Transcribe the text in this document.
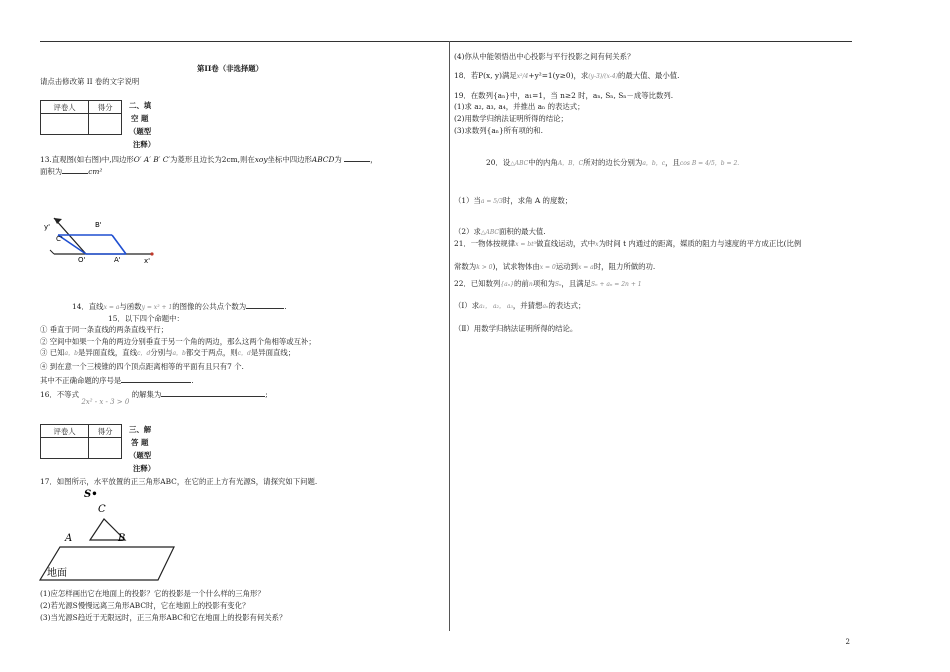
第II卷（非选择题）
请点击修改第 II 卷的文字说明
评卷人	得分
	二、填
空 题
（题型
注释）
13.直观图(如右图)中,四边形O′ A′ B′ C′为菱形且边长为2cm,则在xoy坐标中四边形ABCD为	，
面积为	cm²
y'	B'
C'
O'	A'	x'
14．直线x = a与函数y = x² + 1的图像的公共点个数为	.
15．以下四个命题中：
① 垂直于同一条直线的两条直线平行；
② 空间中如果一个角的两边分别垂直于另一个角的两边，那么这两个角相等或互补；
③ 已知a，b是异面直线，直线c，d分别与a，b都交于两点，则c，d是异面直线；
④ 到在意一个三棱锥的四个顶点距离相等的平面有且只有7 个.
其中不正确命题的序号是	.
16．不等式 2x² - x - 3 > 0 的解集为	;
评卷人	得分
	三、解
答 题
（题型
注释）
17．如图所示，水平放置的正三角形ABC，在它的正上方有光源S，请探究如下问题.
S•
C
A	B
地面
(1)应怎样画出它在地面上的投影？它的投影是一个什么样的三角形？
(2)若光源S慢慢远离三角形ABC时，它在地面上的投影有变化？
(3)当光源S趋近于无限远时，正三角形ABC和它在地面上的投影有何关系？
(4)你从中能领悟出中心投影与平行投影之间有何关系？
18．若P(x, y)满足x²/4+y²=1(y≥0)，求(y-3)/(x-4)的最大值、最小值.
19．在数列{aₙ}中，a₁=1，当 n≥2 时，aₙ, Sₙ, Sₙ－成等比数列.
(1)求 a₂, a₃, a₄，并推出 aₙ 的表达式；
(2)用数学归纳法证明所得的结论；
(3)求数列{aₙ}所有项的和.
20．设△ABC中的内角A，B，C所对的边长分别为a，b，c，且cos B = 4/5，b = 2.
（1）当a = 5/3时，求角 A 的度数；
（2）求△ABC面积的最大值.
21．一物体按规律x = bt³做直线运动，式中x为时间 t 内通过的距离，媒质的阻力与速度的平方成正比(比例
常数为k > 0)，试求物体由x = 0运动到x = a时，阻力所做的功.
22．已知数列{aₙ}的前n项和为Sₙ，且满足Sₙ + aₙ = 2n + 1
（Ⅰ）求a₁， a₂， a₃，并猜想aₙ的表达式；
（Ⅱ）用数学归纳法证明所得的结论。
2
